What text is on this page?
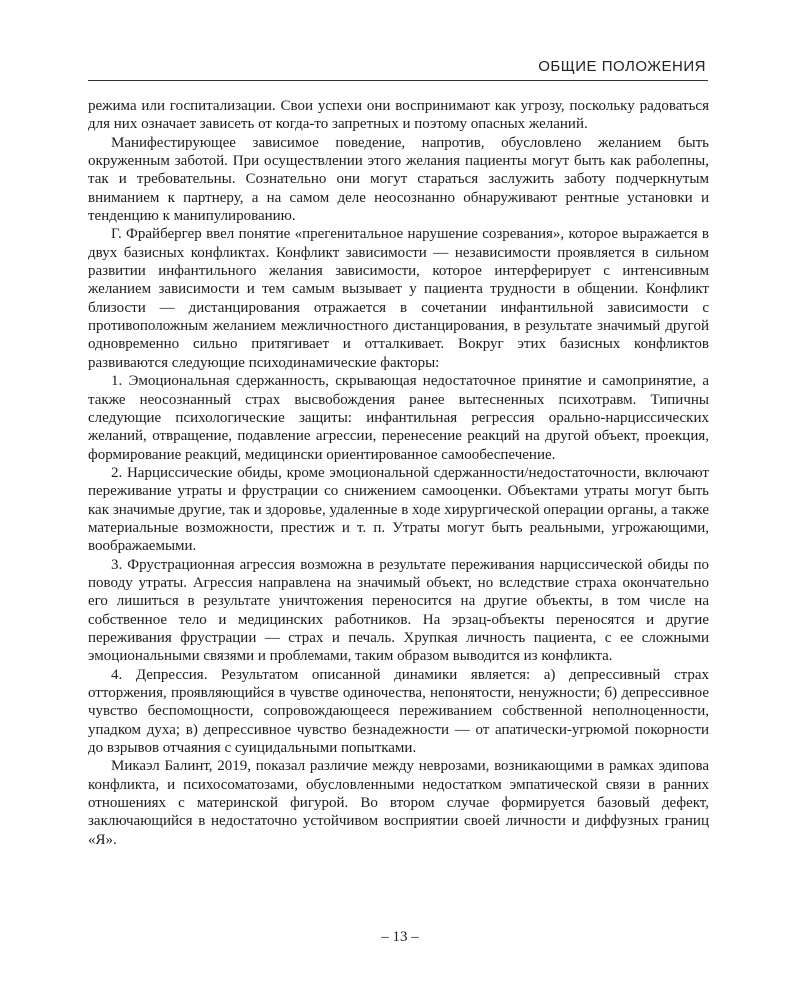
ОБЩИЕ ПОЛОЖЕНИЯ

режима или госпитализации. Свои успехи они воспринимают как угрозу, поскольку радоваться для них означает зависеть от когда-то запретных и поэтому опасных желаний.

Манифестирующее зависимое поведение, напротив, обусловлено желанием быть окруженным заботой. При осуществлении этого желания пациенты могут быть как раболепны, так и требовательны. Сознательно они могут стараться заслужить заботу подчеркнутым вниманием к партнеру, а на самом деле неосознанно обнаруживают рентные установки и тенденцию к манипулированию.

Г. Фрайбергер ввел понятие «прегенитальное нарушение созревания», которое выражается в двух базисных конфликтах. Конфликт зависимости — независимости проявляется в сильном развитии инфантильного желания зависимости, которое интерферирует с интенсивным желанием зависимости и тем самым вызывает у пациента трудности в общении. Конфликт близости — дистанцирования отражается в сочетании инфантильной зависимости с противоположным желанием межличностного дистанцирования, в результате значимый другой одновременно сильно притягивает и отталкивает. Вокруг этих базисных конфликтов развиваются следующие психодинамические факторы:

1. Эмоциональная сдержанность, скрывающая недостаточное принятие и самопринятие, а также неосознанный страх высвобождения ранее вытесненных психотравм. Типичны следующие психологические защиты: инфантильная регрессия орально-нарциссических желаний, отвращение, подавление агрессии, перенесение реакций на другой объект, проекция, формирование реакций, медицински ориентированное самообеспечение.

2. Нарциссические обиды, кроме эмоциональной сдержанности/недостаточности, включают переживание утраты и фрустрации со снижением самооценки. Объектами утраты могут быть как значимые другие, так и здоровье, удаленные в ходе хирургической операции органы, а также материальные возможности, престиж и т. п. Утраты могут быть реальными, угрожающими, воображаемыми.

3. Фрустрационная агрессия возможна в результате переживания нарциссической обиды по поводу утраты. Агрессия направлена на значимый объект, но вследствие страха окончательно его лишиться в результате уничтожения переносится на другие объекты, в том числе на собственное тело и медицинских работников. На эрзац-объекты переносятся и другие переживания фрустрации — страх и печаль. Хрупкая личность пациента, с ее сложными эмоциональными связями и проблемами, таким образом выводится из конфликта.

4. Депрессия. Результатом описанной динамики является: а) депрессивный страх отторжения, проявляющийся в чувстве одиночества, непонятости, ненужности; б) депрессивное чувство беспомощности, сопровождающееся переживанием собственной неполноценности, упадком духа; в) депрессивное чувство безнадежности — от апатически-угрюмой покорности до взрывов отчаяния с суицидальными попытками.

Микаэл Балинт, 2019, показал различие между неврозами, возникающими в рамках эдипова конфликта, и психосоматозами, обусловленными недостатком эмпатической связи в ранних отношениях с материнской фигурой. Во втором случае формируется базовый дефект, заключающийся в недостаточно устойчивом восприятии своей личности и диффузных границ «Я».

– 13 –
